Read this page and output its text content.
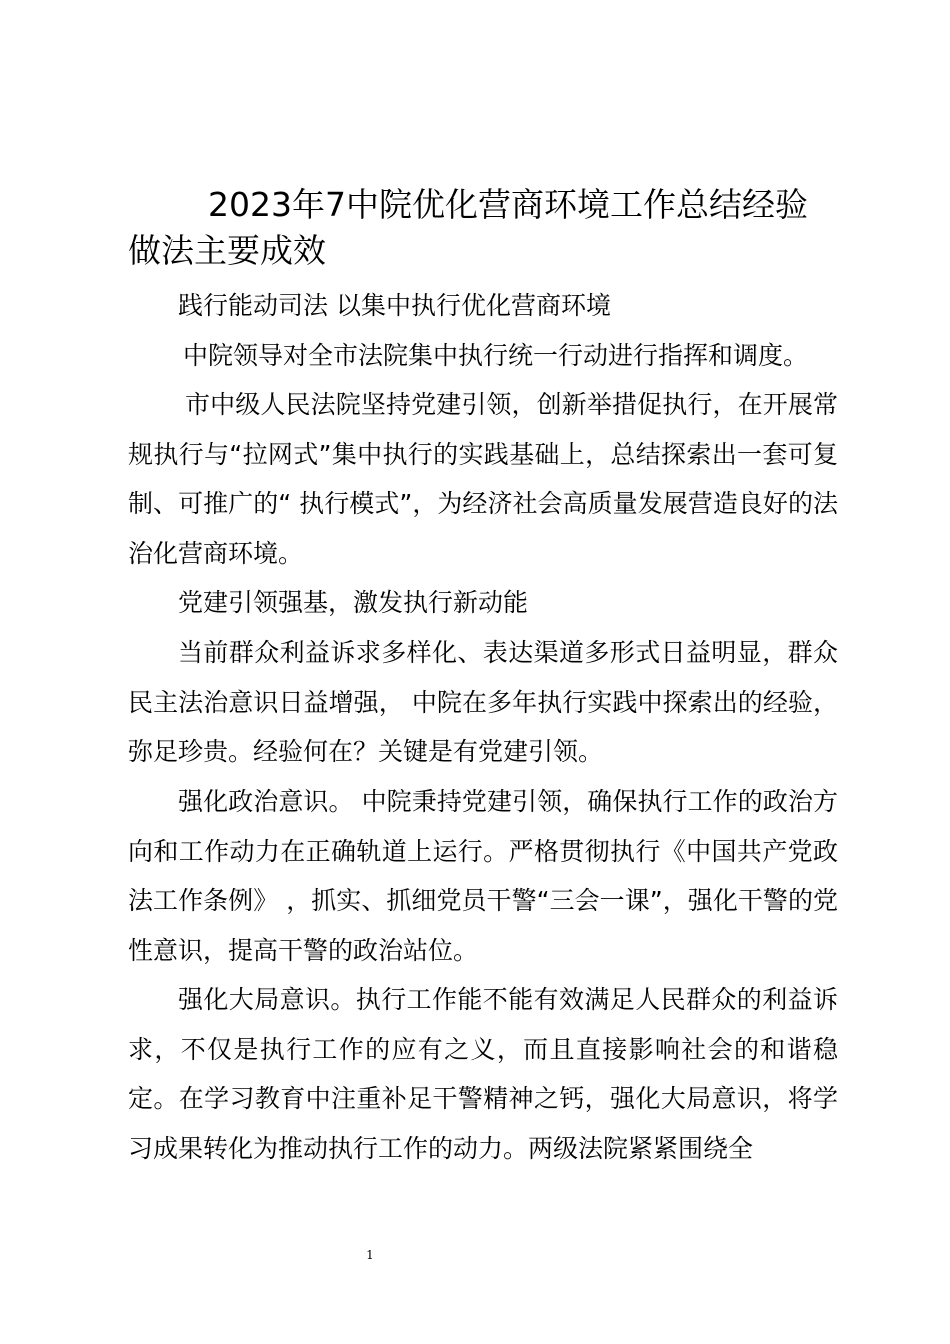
2023年7中院优化营商环境工作总结经验做法主要成效

践行能动司法 以集中执行优化营商环境

中院领导对全市法院集中执行统一行动进行指挥和调度。

市中级人民法院坚持党建引领，创新举措促执行，在开展常规执行与“拉网式”集中执行的实践基础上，总结探索出一套可复制、可推广的“ 执行模式”，为经济社会高质量发展营造良好的法治化营商环境。

党建引领强基，激发执行新动能

当前群众利益诉求多样化、表达渠道多形式日益明显，群众民主法治意识日益增强， 中院在多年执行实践中探索出的经验，弥足珍贵。经验何在？关键是有党建引领。

强化政治意识。 中院秉持党建引领，确保执行工作的政治方向和工作动力在正确轨道上运行。严格贯彻执行《中国共产党政法工作条例》 ，抓实、抓细党员干警“三会一课”，强化干警的党性意识，提高干警的政治站位。

强化大局意识。执行工作能不能有效满足人民群众的利益诉求，不仅是执行工作的应有之义，而且直接影响社会的和谐稳定。在学习教育中注重补足干警精神之钙，强化大局意识，将学习成果转化为推动执行工作的动力。两级法院紧紧围绕全

1
